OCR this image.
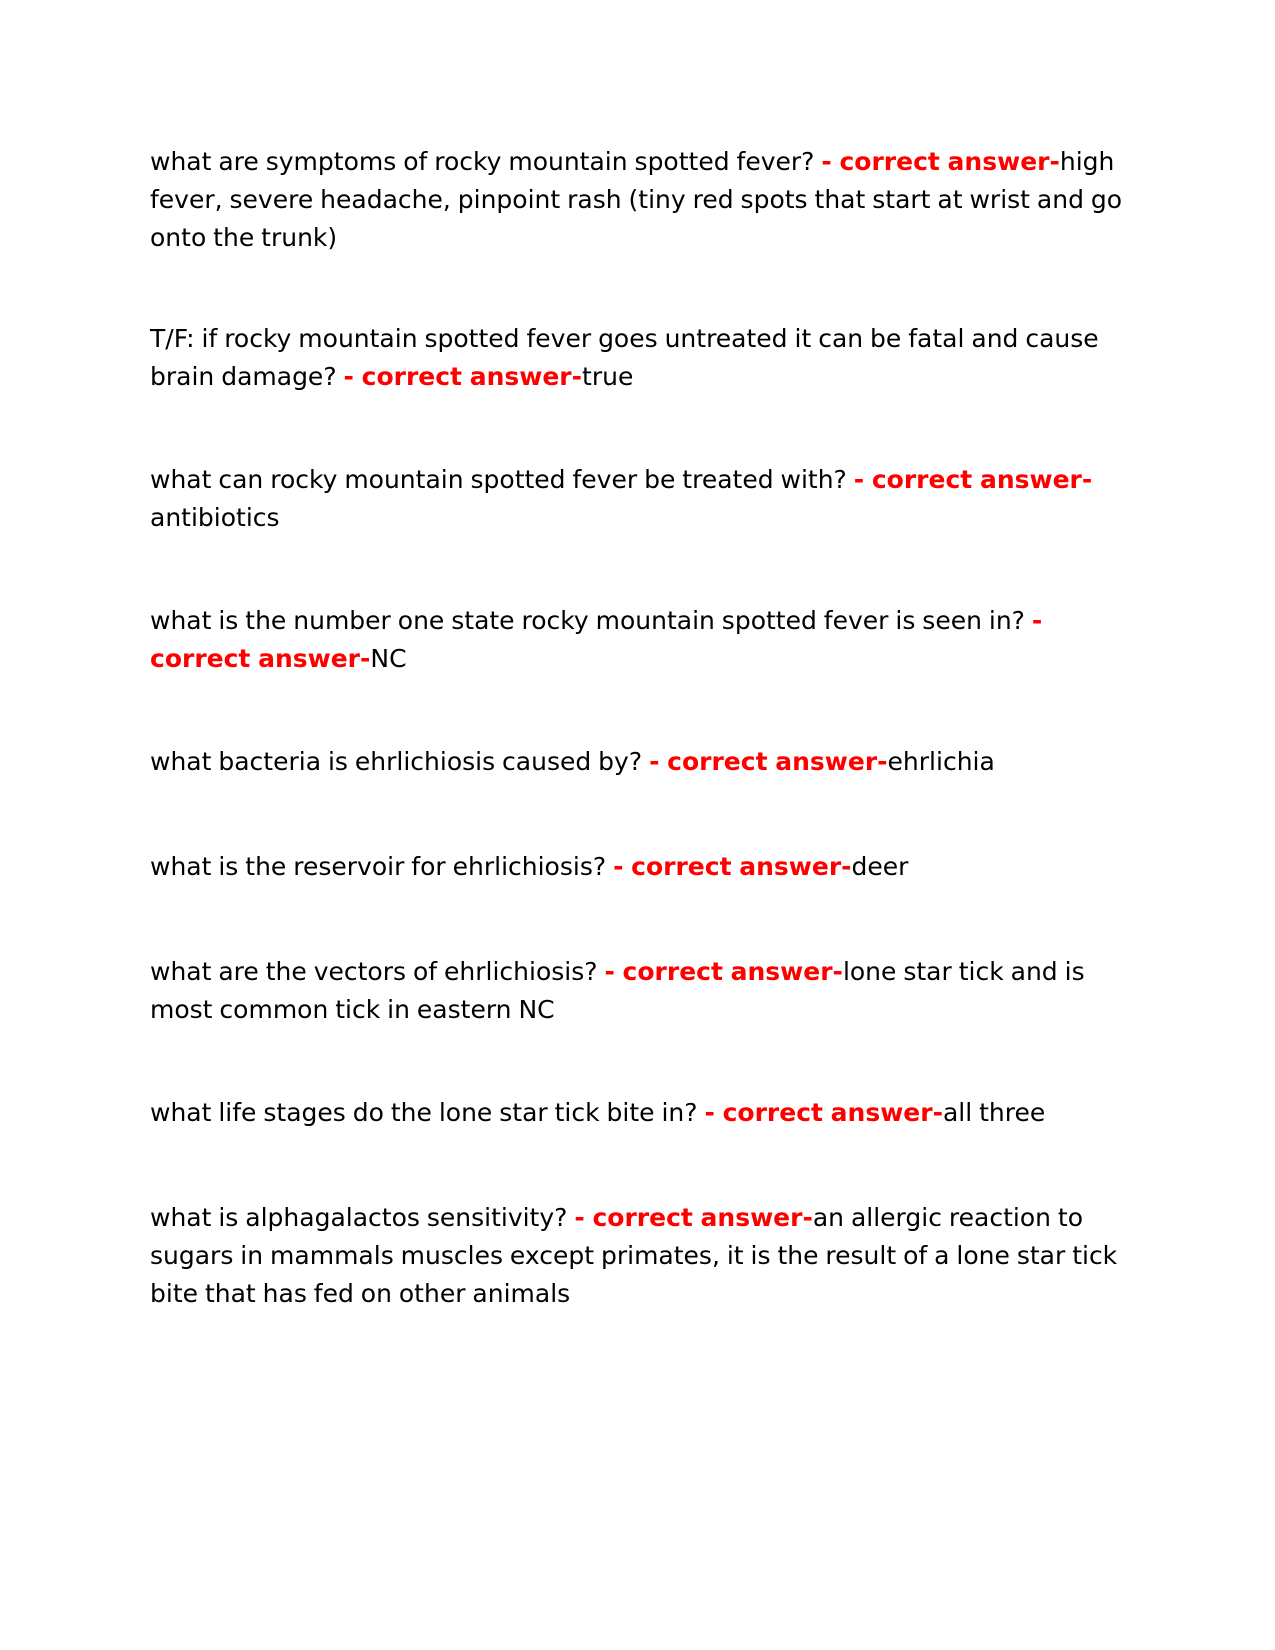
what are symptoms of rocky mountain spotted fever? - correct answer-high fever, severe headache, pinpoint rash (tiny red spots that start at wrist and go onto the trunk)

T/F: if rocky mountain spotted fever goes untreated it can be fatal and cause brain damage? - correct answer-true

what can rocky mountain spotted fever be treated with? - correct answer-antibiotics

what is the number one state rocky mountain spotted fever is seen in? - correct answer-NC

what bacteria is ehrlichiosis caused by? - correct answer-ehrlichia

what is the reservoir for ehrlichiosis? - correct answer-deer

what are the vectors of ehrlichiosis? - correct answer-lone star tick and is most common tick in eastern NC

what life stages do the lone star tick bite in? - correct answer-all three

what is alphagalactos sensitivity? - correct answer-an allergic reaction to sugars in mammals muscles except primates, it is the result of a lone star tick bite that has fed on other animals
